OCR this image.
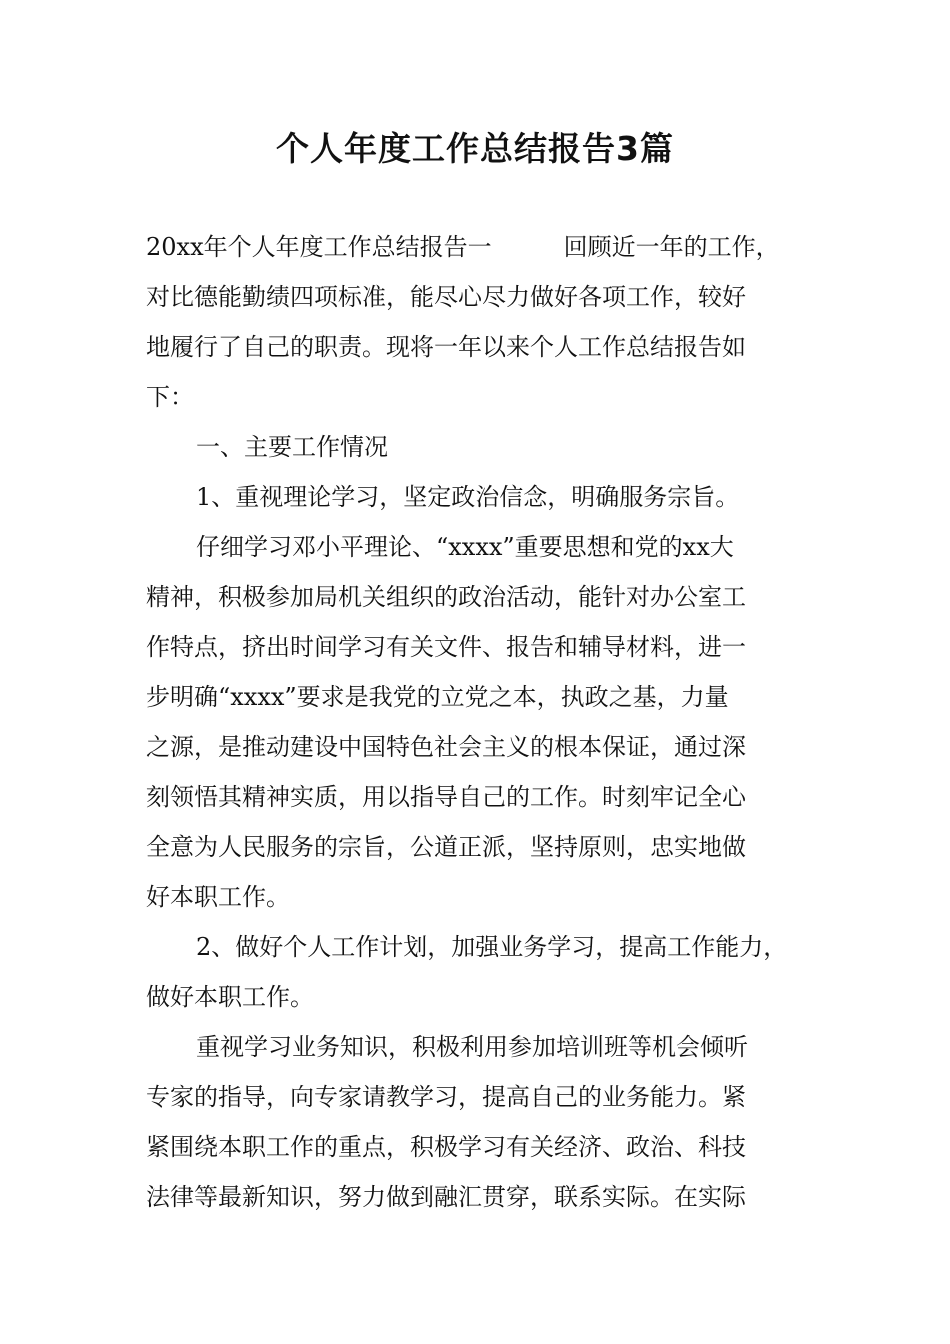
个人年度工作总结报告3篇
20xx年个人年度工作总结报告一	回顾近一年的工作，
对比德能勤绩四项标准，能尽心尽力做好各项工作，较好
地履行了自己的职责。现将一年以来个人工作总结报告如
下：
一、主要工作情况
1、重视理论学习，坚定政治信念，明确服务宗旨。
仔细学习邓小平理论、“xxxx”重要思想和党的xx大
精神，积极参加局机关组织的政治活动，能针对办公室工
作特点，挤出时间学习有关文件、报告和辅导材料，进一
步明确“xxxx”要求是我党的立党之本，执政之基，力量
之源，是推动建设中国特色社会主义的根本保证，通过深
刻领悟其精神实质，用以指导自己的工作。时刻牢记全心
全意为人民服务的宗旨，公道正派，坚持原则，忠实地做
好本职工作。
2、做好个人工作计划，加强业务学习，提高工作能力，
做好本职工作。
重视学习业务知识，积极利用参加培训班等机会倾听
专家的指导，向专家请教学习，提高自己的业务能力。紧
紧围绕本职工作的重点，积极学习有关经济、政治、科技
法律等最新知识，努力做到融汇贯穿，联系实际。在实际
